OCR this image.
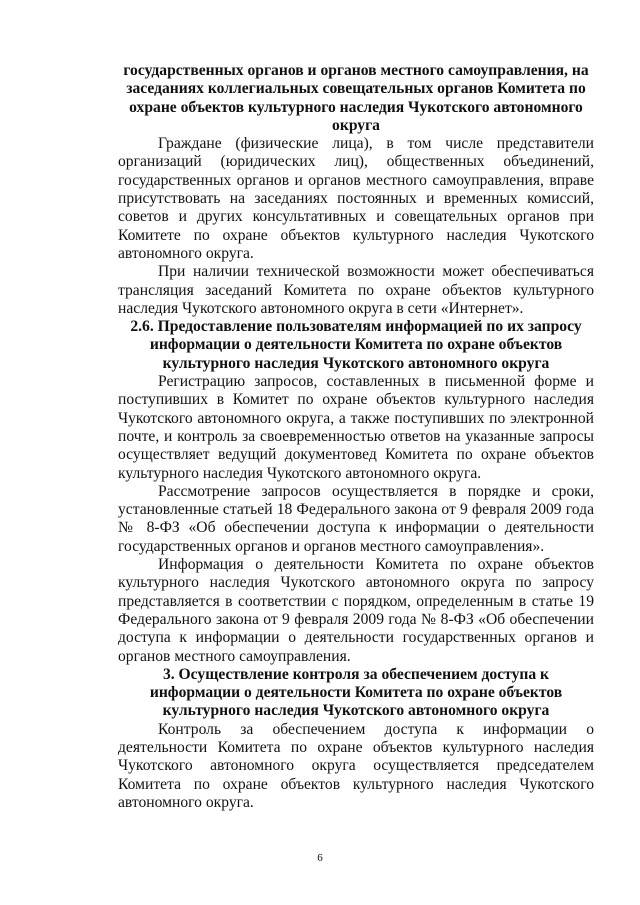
государственных органов и органов местного самоуправления, на заседаниях коллегиальных совещательных органов Комитета по охране объектов культурного наследия Чукотского автономного округа

Граждане (физические лица), в том числе представители организаций (юридических лиц), общественных объединений, государственных органов и органов местного самоуправления, вправе присутствовать на заседаниях постоянных и временных комиссий, советов и других консультативных и совещательных органов при Комитете по охране объектов культурного наследия Чукотского автономного округа.

При наличии технической возможности может обеспечиваться трансляция заседаний Комитета по охране объектов культурного наследия Чукотского автономного округа в сети «Интернет».

2.6. Предоставление пользователям информацией по их запросу информации о деятельности Комитета по охране объектов культурного наследия Чукотского автономного округа

Регистрацию запросов, составленных в письменной форме и поступивших в Комитет по охране объектов культурного наследия Чукотского автономного округа, а также поступивших по электронной почте, и контроль за своевременностью ответов на указанные запросы осуществляет ведущий документовед Комитета по охране объектов культурного наследия Чукотского автономного округа.

Рассмотрение запросов осуществляется в порядке и сроки, установленные статьей 18 Федерального закона от 9 февраля 2009 года № 8-ФЗ «Об обеспечении доступа к информации о деятельности государственных органов и органов местного самоуправления».

Информация о деятельности Комитета по охране объектов культурного наследия Чукотского автономного округа по запросу представляется в соответствии с порядком, определенным в статье 19 Федерального закона от 9 февраля 2009 года № 8-ФЗ «Об обеспечении доступа к информации о деятельности государственных органов и органов местного самоуправления.

3. Осуществление контроля за обеспечением доступа к информации о деятельности Комитета по охране объектов культурного наследия Чукотского автономного округа

Контроль за обеспечением доступа к информации о деятельности Комитета по охране объектов культурного наследия Чукотского автономного округа осуществляется председателем Комитета по охране объектов культурного наследия Чукотского автономного округа.

6
